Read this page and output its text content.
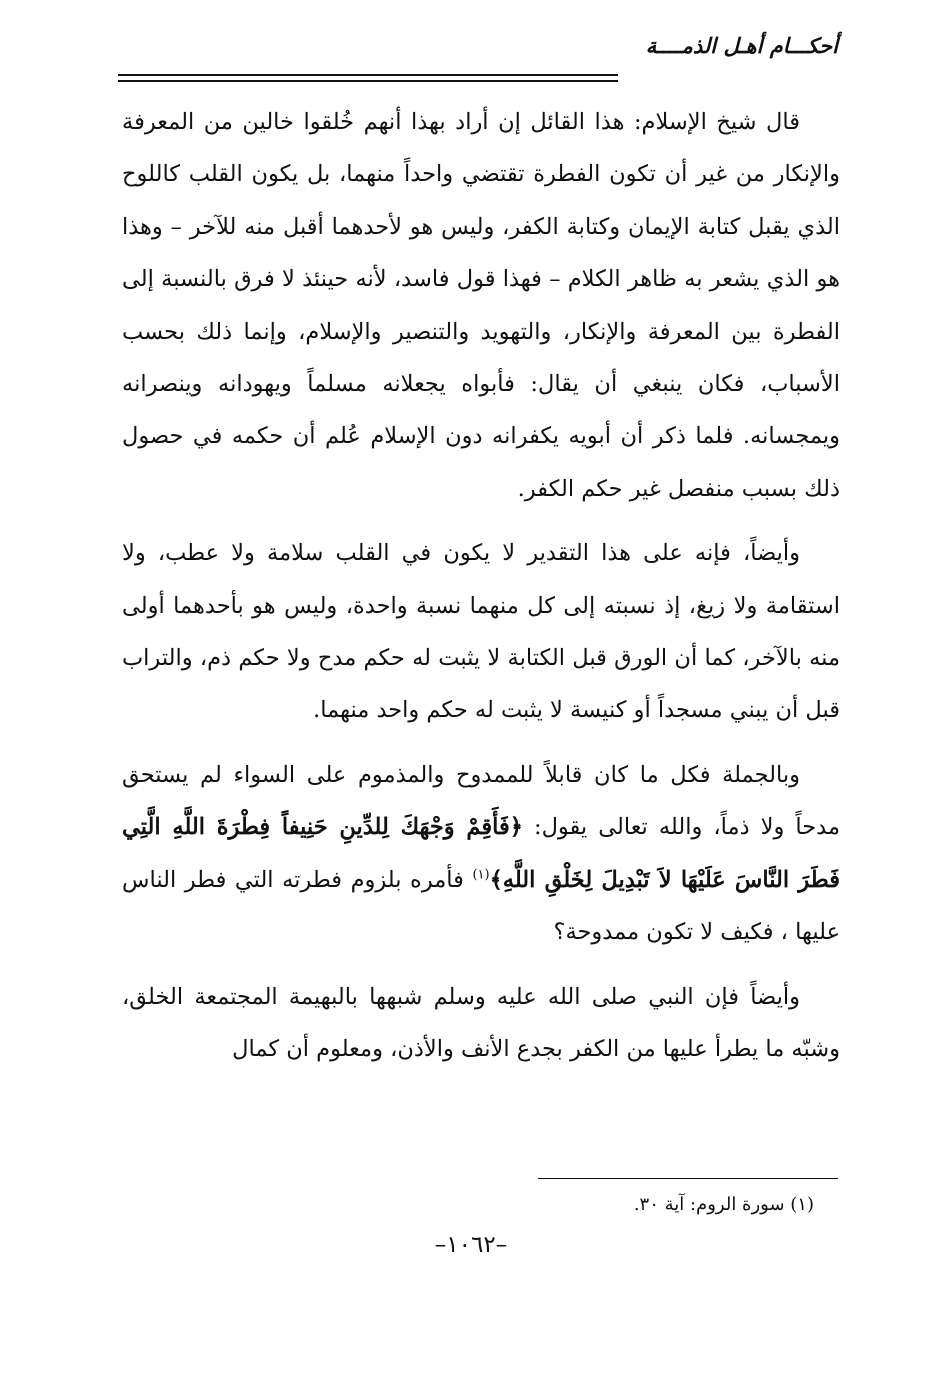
أحكـــام أهـل الذمــــة

قال شيخ الإسلام: هذا القائل إن أراد بهذا أنهم خُلقوا خالين من المعرفة والإنكار من غير أن تكون الفطرة تقتضي واحداً منهما، بل يكون القلب كاللوح الذي يقبل كتابة الإيمان وكتابة الكفر، وليس هو لأحدهما أقبل منه للآخر – وهذا هو الذي يشعر به ظاهر الكلام – فهذا قول فاسد، لأنه حينئذ لا فرق بالنسبة إلى الفطرة بين المعرفة والإنكار، والتهويد والتنصير والإسلام، وإنما ذلك بحسب الأسباب، فكان ينبغي أن يقال: فأبواه يجعلانه مسلماً ويهودانه وينصرانه ويمجسانه. فلما ذكر أن أبويه يكفرانه دون الإسلام عُلم أن حكمه في حصول ذلك بسبب منفصل غير حكم الكفر.

وأيضاً، فإنه على هذا التقدير لا يكون في القلب سلامة ولا عطب، ولا استقامة ولا زيغ، إذ نسبته إلى كل منهما نسبة واحدة، وليس هو بأحدهما أولى منه بالآخر، كما أن الورق قبل الكتابة لا يثبت له حكم مدح ولا حكم ذم، والتراب قبل أن يبني مسجداً أو كنيسة لا يثبت له حكم واحد منهما.

وبالجملة فكل ما كان قابلاً للممدوح والمذموم على السواء لم يستحق مدحاً ولا ذماً، والله تعالى يقول: ﴿فَأَقِمْ وَجْهَكَ لِلدِّينِ حَنِيفاً فِطْرَةَ اللَّهِ الَّتِي فَطَرَ النَّاسَ عَلَيْهَا لاَ تَبْدِيلَ لِخَلْقِ اللَّهِ﴾$^{(١)}$ فأمره بلزوم فطرته التي فطر الناس عليها ، فكيف لا تكون ممدوحة؟

وأيضاً فإن النبي صلى الله عليه وسلم شبهها بالبهيمة المجتمعة الخلق، وشبّه ما يطرأ عليها من الكفر بجدع الأنف والأذن، ومعلوم أن كمال

(١) سورة الروم: آية ٣٠.
–١٠٦٢–
